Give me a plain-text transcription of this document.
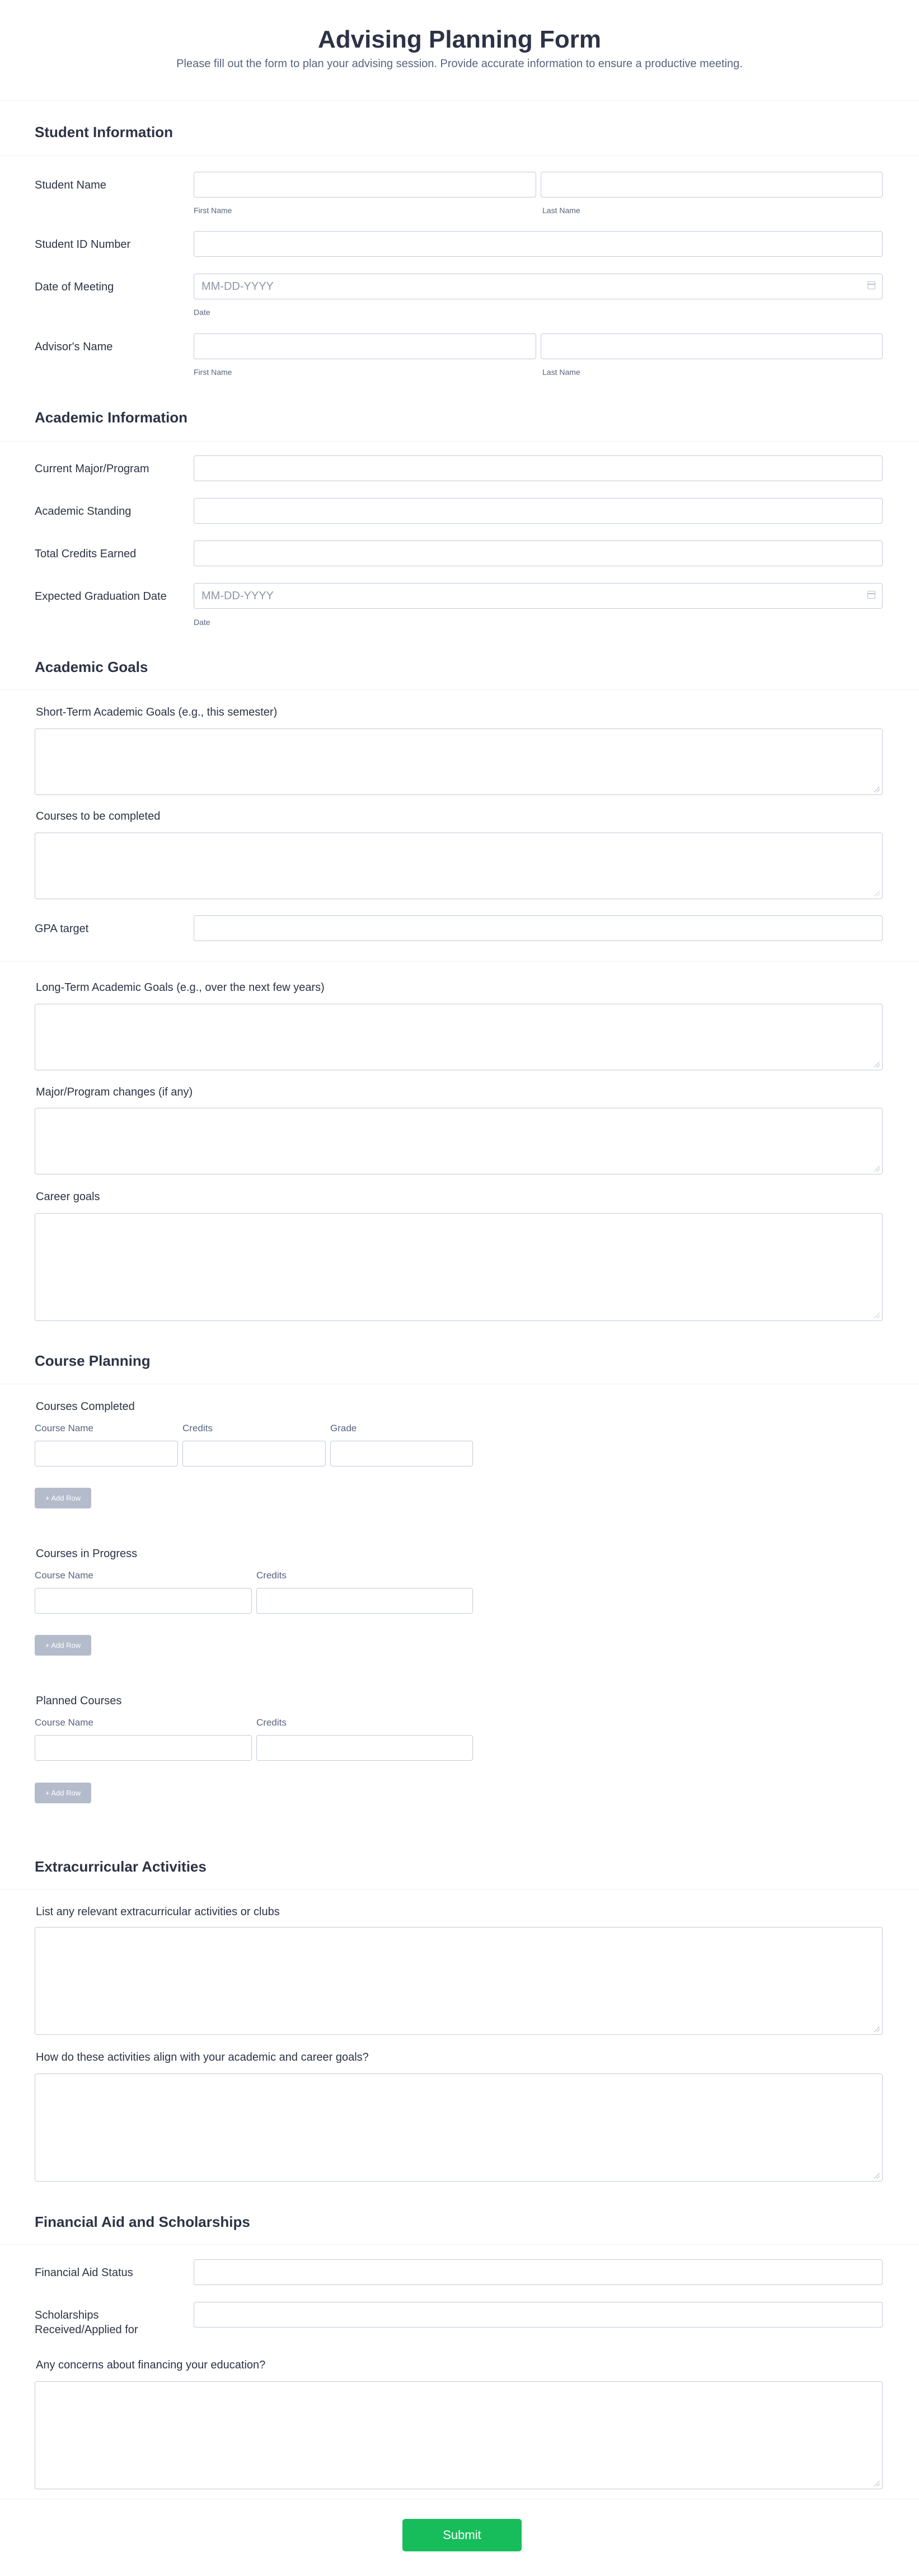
Advising Planning Form

Please fill out the form to plan your advising session. Provide accurate information to ensure a productive meeting.

Student Information
Student Name
First Name	Last Name
Student ID Number
Date of Meeting	MM-DD-YYYY
Date
Advisor's Name
First Name	Last Name
Academic Information
Current Major/Program
Academic Standing
Total Credits Earned
Expected Graduation Date	MM-DD-YYYY
Date
Academic Goals
Short-Term Academic Goals (e.g., this semester)
Courses to be completed
GPA target
Long-Term Academic Goals (e.g., over the next few years)
Major/Program changes (if any)
Career goals
Course Planning
Courses Completed
Course Name	Credits	Grade
+ Add Row
Courses in Progress
Course Name	Credits
+ Add Row
Planned Courses
Course Name	Credits
+ Add Row
Extracurricular Activities
List any relevant extracurricular activities or clubs
How do these activities align with your academic and career goals?
Financial Aid and Scholarships
Financial Aid Status
Scholarships Received/Applied for
Any concerns about financing your education?
Submit
